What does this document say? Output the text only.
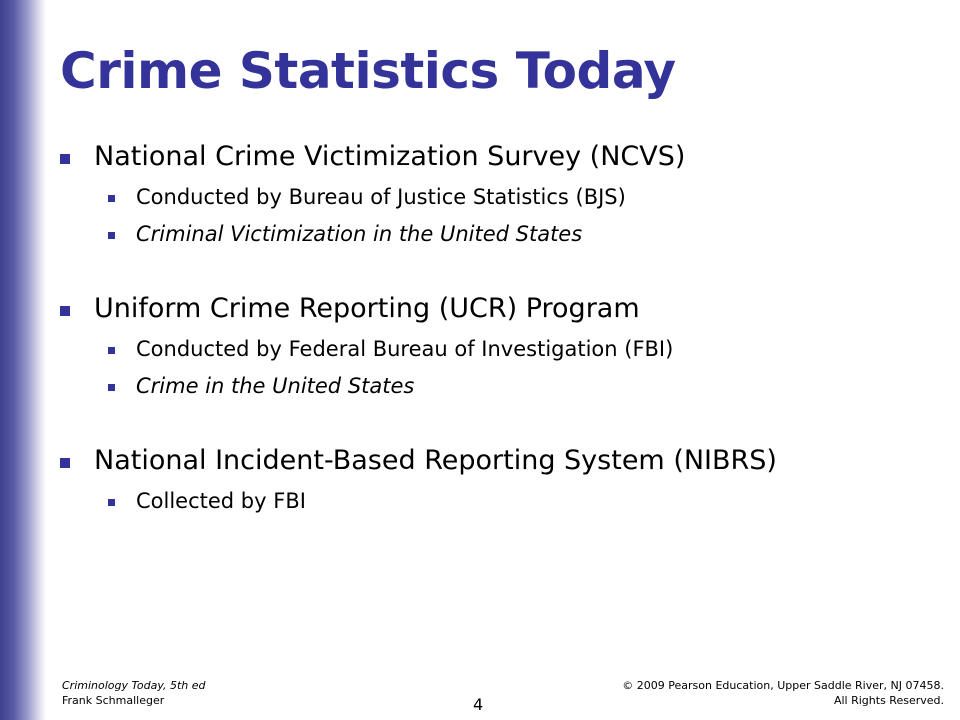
Crime Statistics Today
National Crime Victimization Survey (NCVS)
Conducted by Bureau of Justice Statistics (BJS)
Criminal Victimization in the United States
Uniform Crime Reporting (UCR) Program
Conducted by Federal Bureau of Investigation (FBI)
Crime in the United States
National Incident-Based Reporting System (NIBRS)
Collected by FBI
Criminology Today, 5th ed
Frank Schmalleger	4
© 2009 Pearson Education, Upper Saddle River, NJ 07458.
All Rights Reserved.
